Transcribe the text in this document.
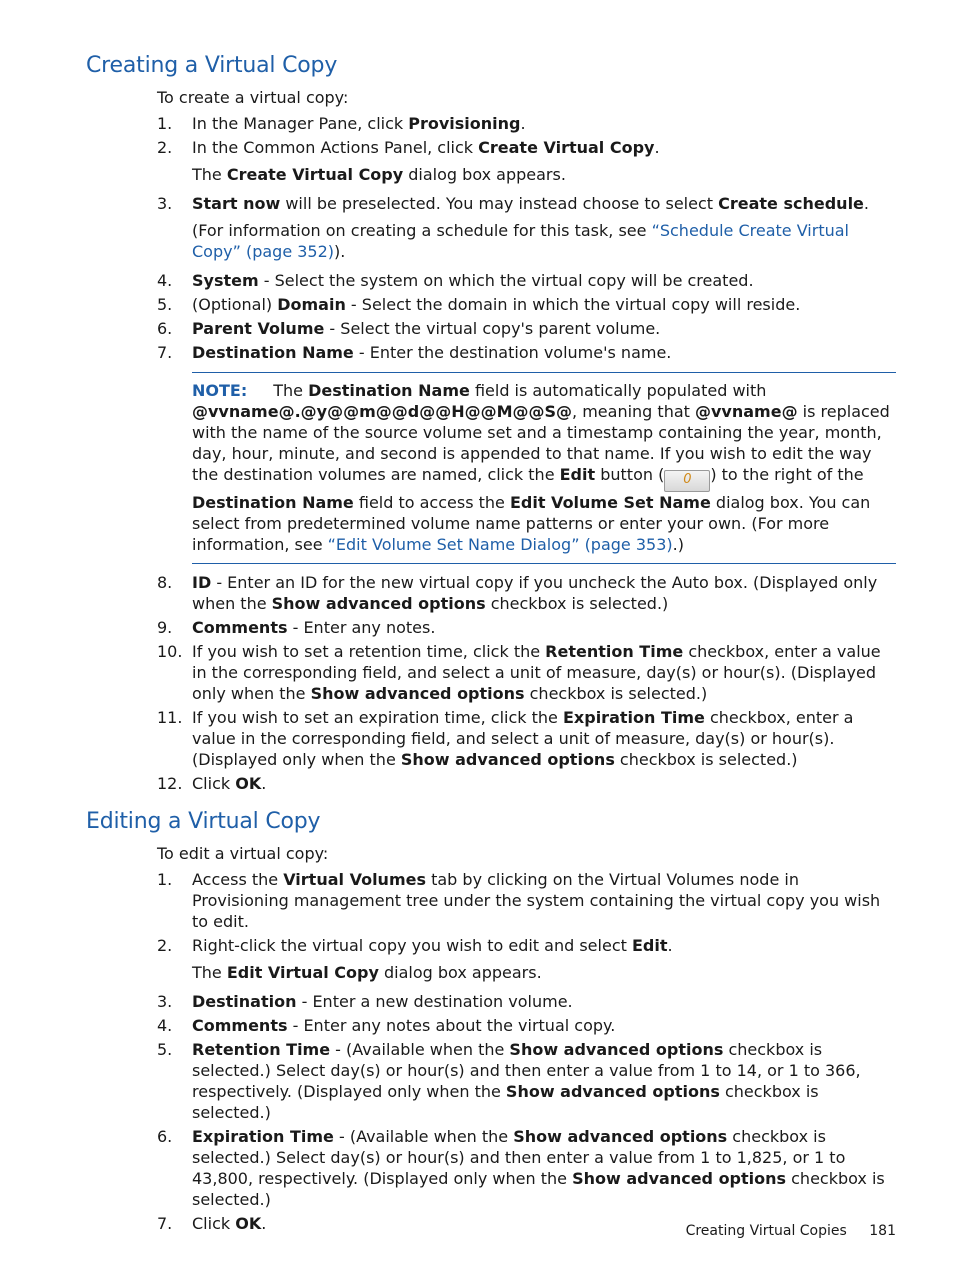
Creating a Virtual Copy

To create a virtual copy:

1. In the Manager Pane, click Provisioning.
2. In the Common Actions Panel, click Create Virtual Copy.
The Create Virtual Copy dialog box appears.
3. Start now will be preselected. You may instead choose to select Create schedule.
(For information on creating a schedule for this task, see “Schedule Create Virtual Copy” (page 352)).
4. System - Select the system on which the virtual copy will be created.
5. (Optional) Domain - Select the domain in which the virtual copy will reside.
6. Parent Volume - Select the virtual copy's parent volume.
7. Destination Name - Enter the destination volume's name.
NOTE: The Destination Name field is automatically populated with @vvname@.@y@@m@@d@@H@@M@@S@, meaning that @vvname@ is replaced with the name of the source volume set and a timestamp containing the year, month, day, hour, minute, and second is appended to that name. If you wish to edit the way the destination volumes are named, click the Edit button ( 0 ) to the right of the Destination Name field to access the Edit Volume Set Name dialog box. You can select from predetermined volume name patterns or enter your own. (For more information, see “Edit Volume Set Name Dialog” (page 353).)
8. ID - Enter an ID for the new virtual copy if you uncheck the Auto box. (Displayed only when the Show advanced options checkbox is selected.)
9. Comments - Enter any notes.
10. If you wish to set a retention time, click the Retention Time checkbox, enter a value in the corresponding field, and select a unit of measure, day(s) or hour(s). (Displayed only when the Show advanced options checkbox is selected.)
11. If you wish to set an expiration time, click the Expiration Time checkbox, enter a value in the corresponding field, and select a unit of measure, day(s) or hour(s). (Displayed only when the Show advanced options checkbox is selected.)
12. Click OK.
Editing a Virtual Copy

To edit a virtual copy:

1. Access the Virtual Volumes tab by clicking on the Virtual Volumes node in Provisioning management tree under the system containing the virtual copy you wish to edit.
2. Right-click the virtual copy you wish to edit and select Edit.
The Edit Virtual Copy dialog box appears.
3. Destination - Enter a new destination volume.
4. Comments - Enter any notes about the virtual copy.
5. Retention Time - (Available when the Show advanced options checkbox is selected.) Select day(s) or hour(s) and then enter a value from 1 to 14, or 1 to 366, respectively. (Displayed only when the Show advanced options checkbox is selected.)
6. Expiration Time - (Available when the Show advanced options checkbox is selected.) Select day(s) or hour(s) and then enter a value from 1 to 1,825, or 1 to 43,800, respectively. (Displayed only when the Show advanced options checkbox is selected.)
7. Click OK.	Creating Virtual Copies 181
